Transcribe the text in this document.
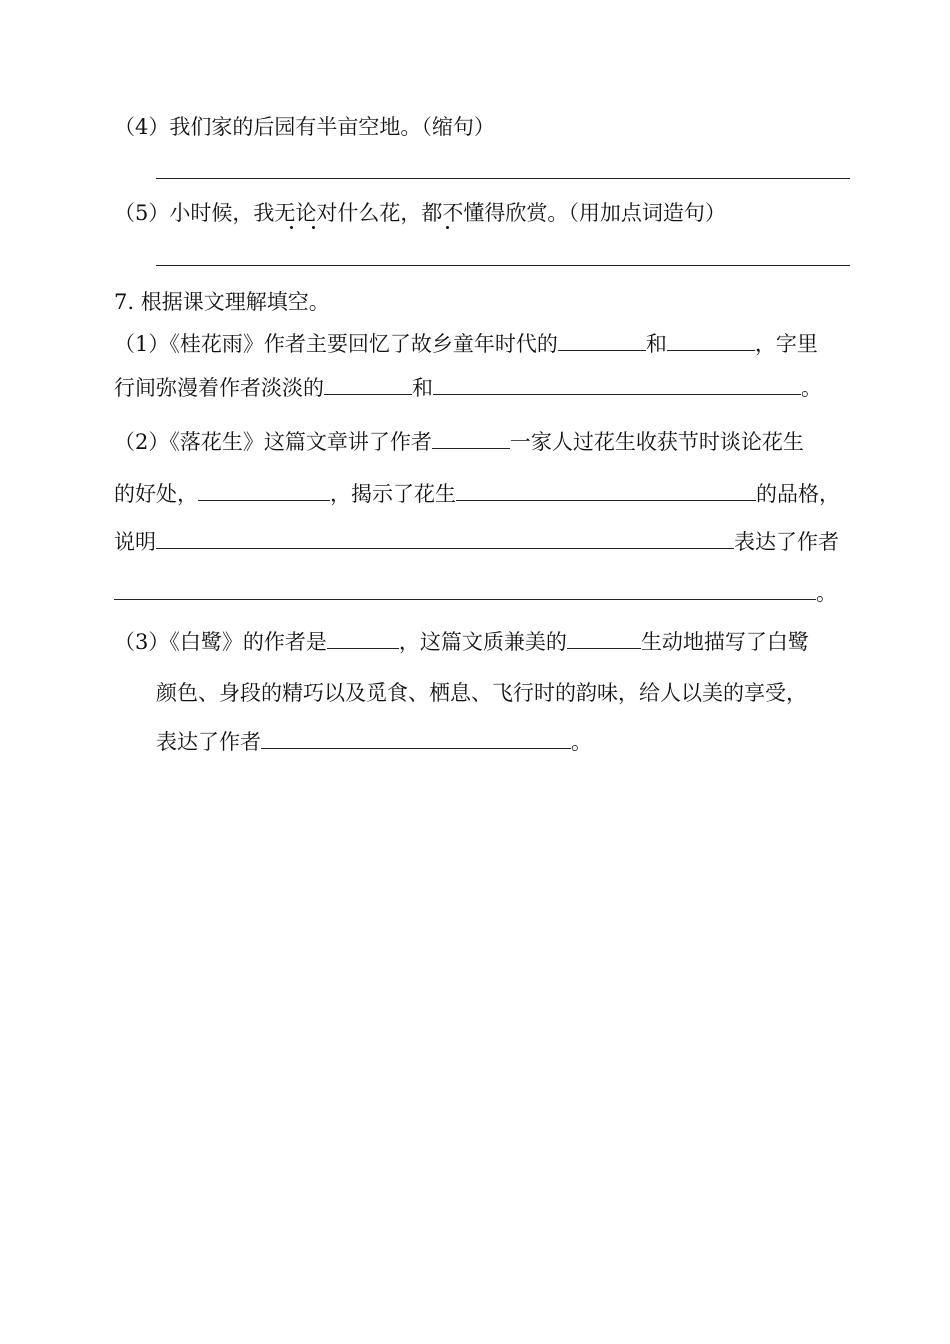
（4）我们家的后园有半亩空地。（缩句）
（5）小时候，我无论对什么花，都不懂得欣赏。（用加点词造句）
7. 根据课文理解填空。
（1）《桂花雨》作者主要回忆了故乡童年时代的	和	，字里
行间弥漫着作者淡淡的	和	。
（2）《落花生》这篇文章讲了作者	一家人过花生收获节时谈论花生
的好处，	，揭示了花生	的品格，
说明	表达了作者
。
（3）《白鹭》的作者是	，这篇文质兼美的	生动地描写了白鹭
颜色、身段的精巧以及觅食、栖息、飞行时的韵味，给人以美的享受，
表达了作者	。
